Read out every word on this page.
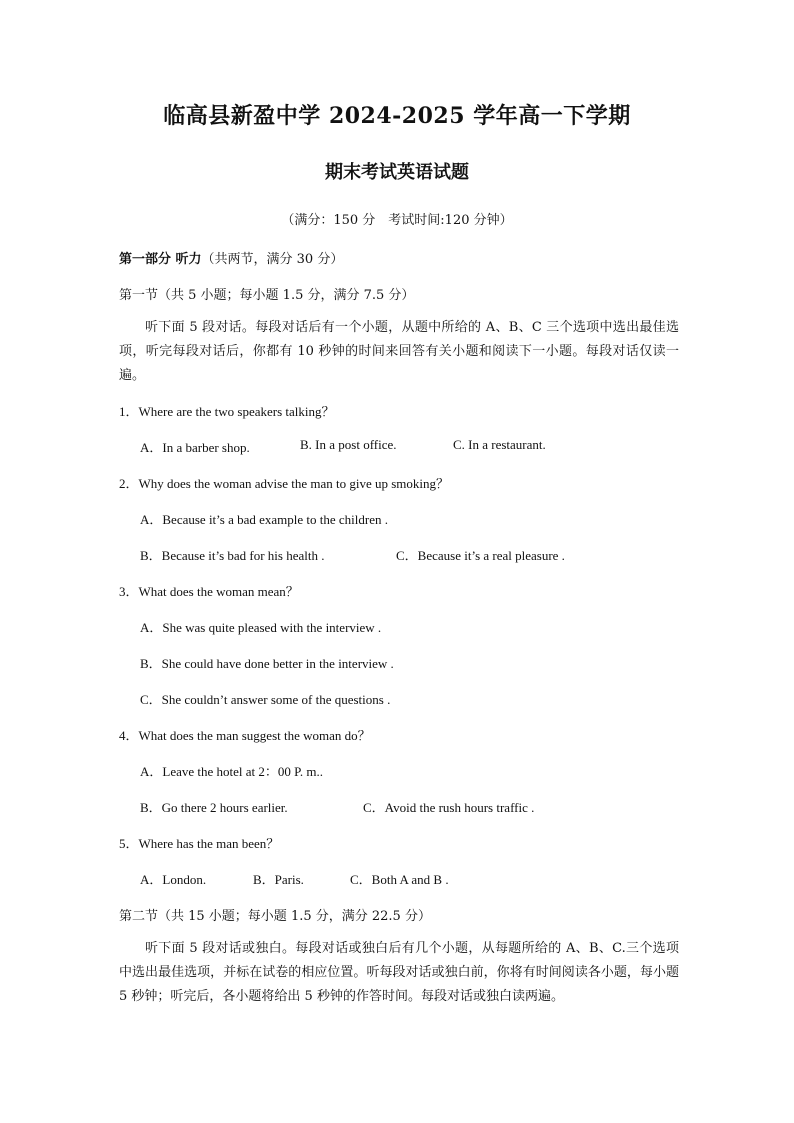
临高县新盈中学 2024-2025 学年高一下学期
期末考试英语试题
（满分：150 分　考试时间:120 分钟）
第一部分 听力（共两节，满分 30 分）
第一节（共 5 小题；每小题 1.5 分，满分 7.5 分）
听下面 5 段对话。每段对话后有一个小题，从题中所给的 A、B、C 三个选项中选出最佳选项，听完每段对话后，你都有 10 秒钟的时间来回答有关小题和阅读下一小题。每段对话仅读一遍。
1．Where are the two speakers talking？
A．In a barber shop.	B. In a post office.	C. In a restaurant.
2．Why does the woman advise the man to give up smoking？
A．Because it’s a bad example to the children .
B．Because it’s bad for his health .	C．Because it’s a real pleasure .
3．What does the woman mean？
A．She was quite pleased with the interview .
B．She could have done better in the interview .
C．She couldn’t answer some of the questions .
4．What does the man suggest the woman do？
A．Leave the hotel at 2：00 P. m..
B．Go there 2 hours earlier.	C．Avoid the rush hours traffic .
5．Where has the man been？
A．London.	B．Paris.	C．Both A and B .
第二节（共 15 小题；每小题 1.5 分，满分 22.5 分）
听下面 5 段对话或独白。每段对话或独白后有几个小题，从每题所给的 A、B、C.三个选项中选出最佳选项，并标在试卷的相应位置。听每段对话或独白前，你将有时间阅读各小题，每小题 5 秒钟；听完后，各小题将给出 5 秒钟的作答时间。每段对话或独白读两遍。
